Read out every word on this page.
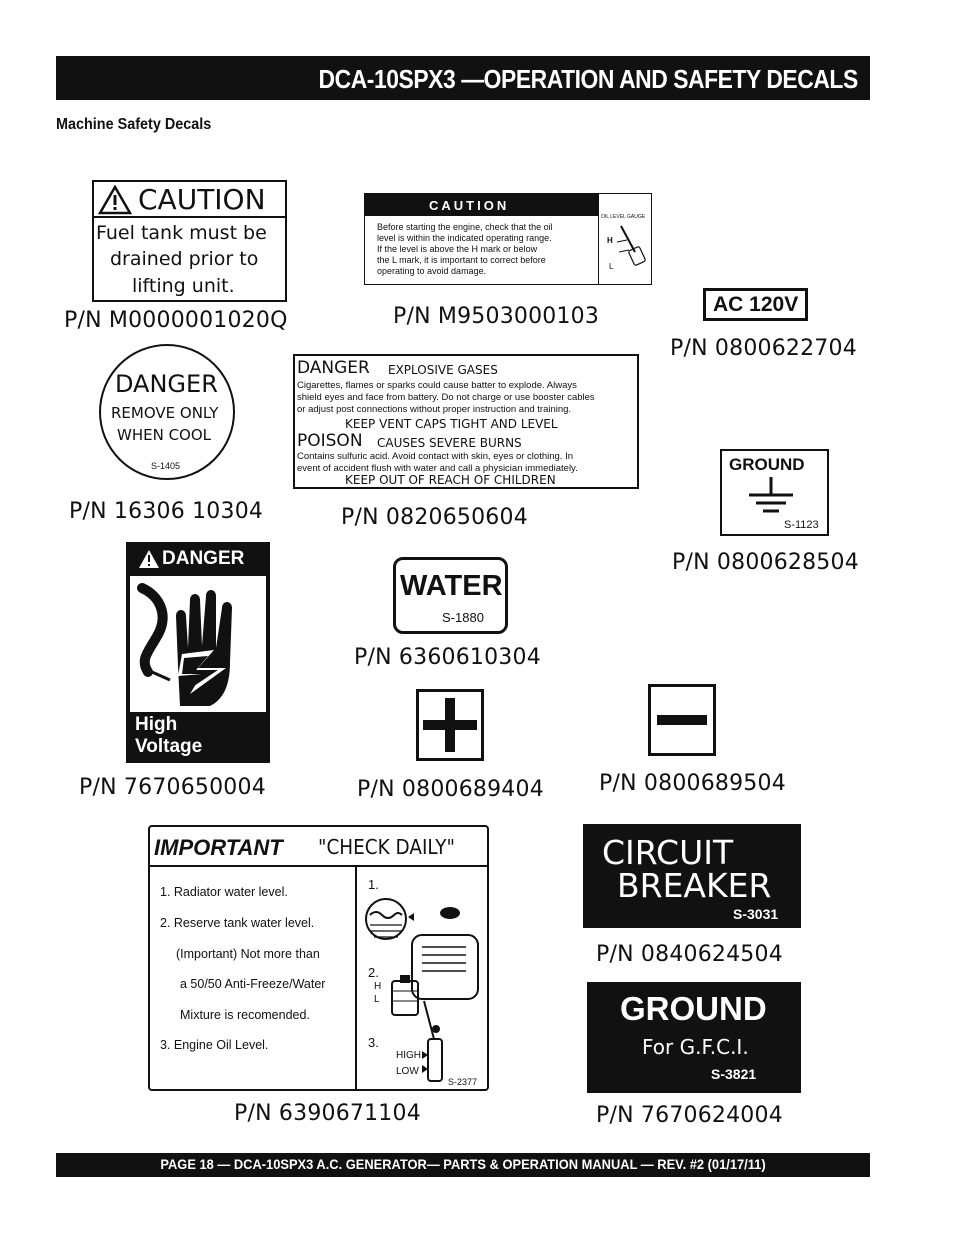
DCA-10SPX3 —OPERATION AND SAFETY DECALS
Machine Safety Decals
CAUTION
Fuel tank must be
drained prior to
lifting unit.
P/N M0000001020Q
CAUTION
Before starting the engine, check that the oil
level is within the indicated operating range.
If the level is above the H mark or below
the L mark, it is important to correct before
operating to avoid damage.
OIL LEVEL GAUGE
H
L
P/N M9503000103	AC 120V
P/N 0800622704
DANGER
REMOVE ONLY
WHEN COOL
S-1405
P/N 16306 10304
DANGER EXPLOSIVE GASES
Cigarettes, flames or sparks could cause batter to explode. Always
shield eyes and face from battery. Do not charge or use booster cables
or adjust post connections without proper instruction and training.
KEEP VENT CAPS TIGHT AND LEVEL
POISON CAUSES SEVERE BURNS
Contains sulfuric acid. Avoid contact with skin, eyes or clothing. In
event of accident flush with water and call a physician immediately.
KEEP OUT OF REACH OF CHILDREN
P/N 0820650604
GROUND
S-1123
P/N 0800628504
DANGER
High
Voltage
P/N 7670650004
WATER
S-1880
P/N 6360610304
P/N 0800689404	P/N 0800689504
IMPORTANT "CHECK DAILY"
1. Radiator water level.
2. Reserve tank water level.
(Important) Not more than
a 50/50 Anti-Freeze/Water
Mixture is recomended.
3. Engine Oil Level.
1.
2.
H
L
3.
HIGH
LOW
S-2377
P/N 6390671104
CIRCUIT
BREAKER
S-3031
P/N 0840624504
GROUND
For G.F.C.I.
S-3821
P/N 7670624004
PAGE 18 — DCA-10SPX3 A.C. GENERATOR— PARTS & OPERATION MANUAL — REV. #2 (01/17/11)
